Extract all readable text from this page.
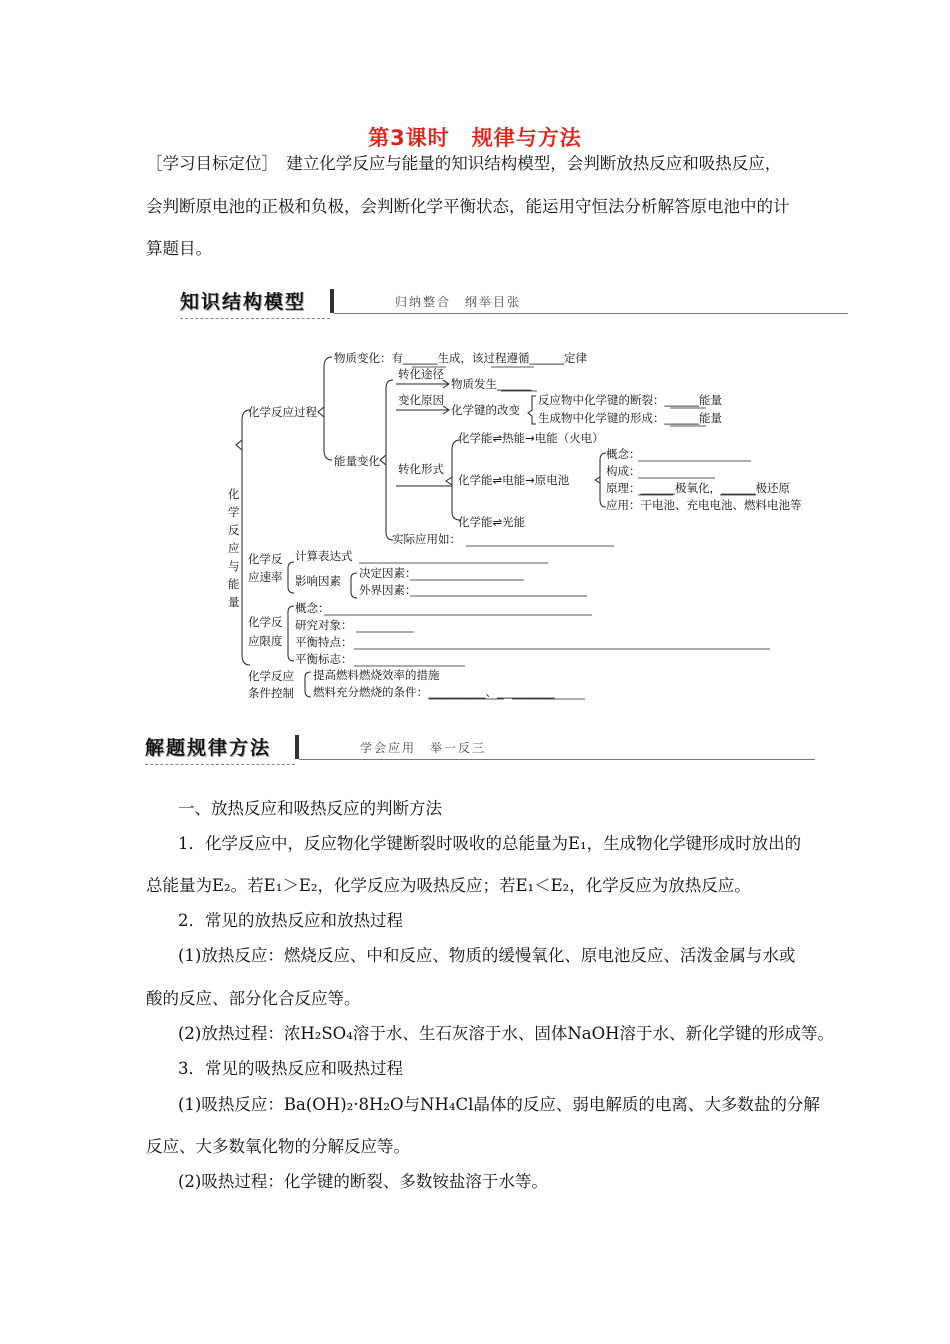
第3课时　规律与方法
［学习目标定位］　建立化学反应与能量的知识结构模型，会判断放热反应和吸热反应，
会判断原电池的正极和负极，会判断化学平衡状态，能运用守恒法分析解答原电池中的计
算题目。
知识结构模型	归纳整合　纲举目张
化
学
反
应
与
能
量
化学反应过程
物质变化：有______生成，该过程遵循______定律
能量变化
转化途径
物质发生______
变化原因
化学键的改变
反应物中化学键的断裂：______能量
生成物中化学键的形成：______能量
转化形式
化学能⇌热能→电能（火电）
化学能⇌电能→原电池
化学能⇌光能
概念：
构成：
原理：______极氧化，______极还原
应用：干电池、充电电池、燃料电池等
实际应用如：
化学反
应速率
计算表达式
影响因素
决定因素：
外界因素：
化学反
应限度
概念：
研究对象：
平衡特点：
平衡标志：
化学反应
条件控制
提高燃料燃烧效率的措施
燃料充分燃烧的条件：__________、__________
解题规律方法	学会应用　举一反三
一、放热反应和吸热反应的判断方法
1．化学反应中，反应物化学键断裂时吸收的总能量为E₁，生成物化学键形成时放出的
总能量为E₂。若E₁＞E₂，化学反应为吸热反应；若E₁＜E₂，化学反应为放热反应。
2．常见的放热反应和放热过程
(1)放热反应：燃烧反应、中和反应、物质的缓慢氧化、原电池反应、活泼金属与水或
酸的反应、部分化合反应等。
(2)放热过程：浓H₂SO₄溶于水、生石灰溶于水、固体NaOH溶于水、新化学键的形成等。
3．常见的吸热反应和吸热过程
(1)吸热反应：Ba(OH)₂·8H₂O与NH₄Cl晶体的反应、弱电解质的电离、大多数盐的分解
反应、大多数氧化物的分解反应等。
(2)吸热过程：化学键的断裂、多数铵盐溶于水等。
